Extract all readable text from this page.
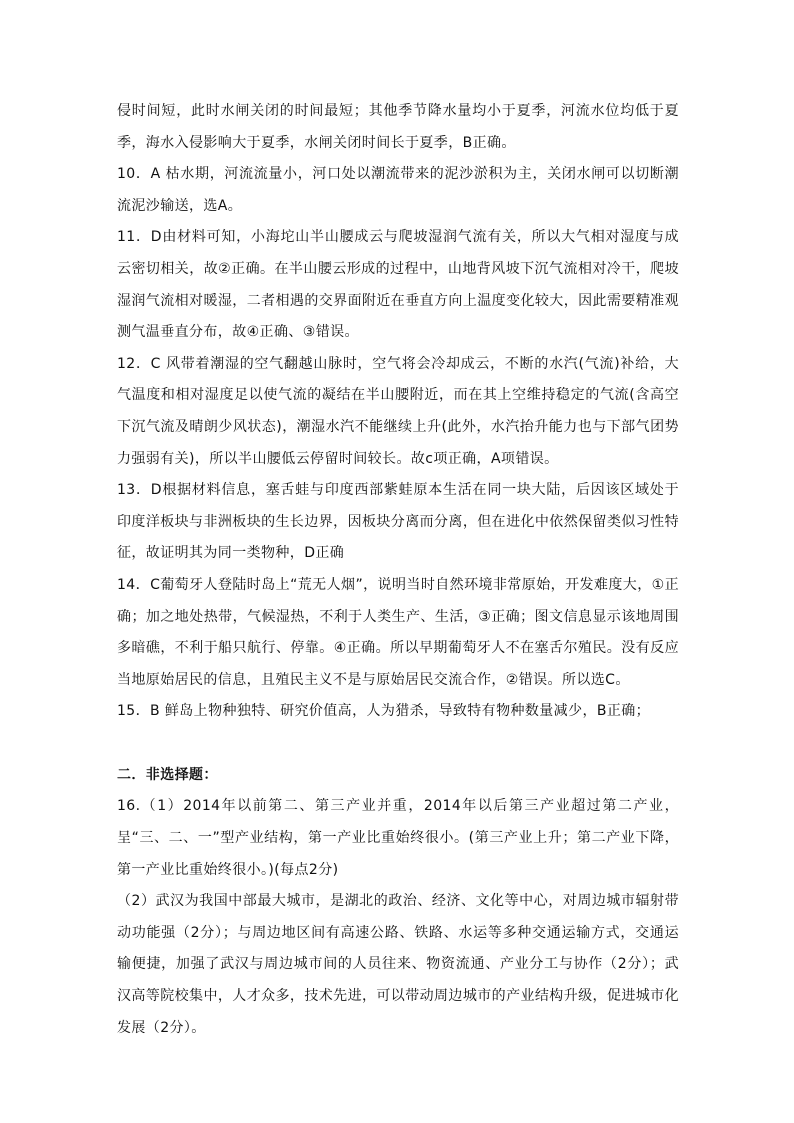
侵时间短，此时水闸关闭的时间最短；其他季节降水量均小于夏季，河流水位均低于夏季，海水入侵影响大于夏季，水闸关闭时间长于夏季，B正确。

10．A 枯水期，河流流量小，河口处以潮流带来的泥沙淤积为主，关闭水闸可以切断潮流泥沙输送，选A。

11．D由材料可知，小海坨山半山腰成云与爬坡湿润气流有关，所以大气相对湿度与成云密切相关，故②正确。在半山腰云形成的过程中，山地背风坡下沉气流相对冷干，爬坡湿润气流相对暖湿，二者相遇的交界面附近在垂直方向上温度变化较大，因此需要精准观测气温垂直分布，故④正确、③错误。

12．C 风带着潮湿的空气翻越山脉时，空气将会冷却成云，不断的水汽(气流)补给，大气温度和相对湿度足以使气流的凝结在半山腰附近，而在其上空维持稳定的气流(含高空下沉气流及晴朗少风状态)，潮湿水汽不能继续上升(此外，水汽抬升能力也与下部气团势力强弱有关)，所以半山腰低云停留时间较长。故c项正确，A项错误。

13．D根据材料信息，塞舌蛙与印度西部紫蛙原本生活在同一块大陆，后因该区域处于印度洋板块与非洲板块的生长边界，因板块分离而分离，但在进化中依然保留类似习性特征，故证明其为同一类物种，D正确

14．C葡萄牙人登陆时岛上“荒无人烟”，说明当时自然环境非常原始，开发难度大，①正确；加之地处热带，气候湿热，不利于人类生产、生活，③正确；图文信息显示该地周围多暗礁，不利于船只航行、停靠。④正确。所以早期葡萄牙人不在塞舌尔殖民。没有反应当地原始居民的信息，且殖民主义不是与原始居民交流合作，②错误。所以选C。

15．B 鲜岛上物种独特、研究价值高，人为猎杀，导致特有物种数量减少，B正确；

二．非选择题：

16.（1）2014年以前第二、第三产业并重，2014年以后第三产业超过第二产业，呈“三、二、一”型产业结构，第一产业比重始终很小。(第三产业上升；第二产业下降，第一产业比重始终很小。)(每点2分)

（2）武汉为我国中部最大城市，是湖北的政治、经济、文化等中心，对周边城市辐射带动功能强（2分）；与周边地区间有高速公路、铁路、水运等多种交通运输方式，交通运输便捷，加强了武汉与周边城市间的人员往来、物资流通、产业分工与协作（2分）；武汉高等院校集中，人才众多，技术先进，可以带动周边城市的产业结构升级，促进城市化发展（2分）。
